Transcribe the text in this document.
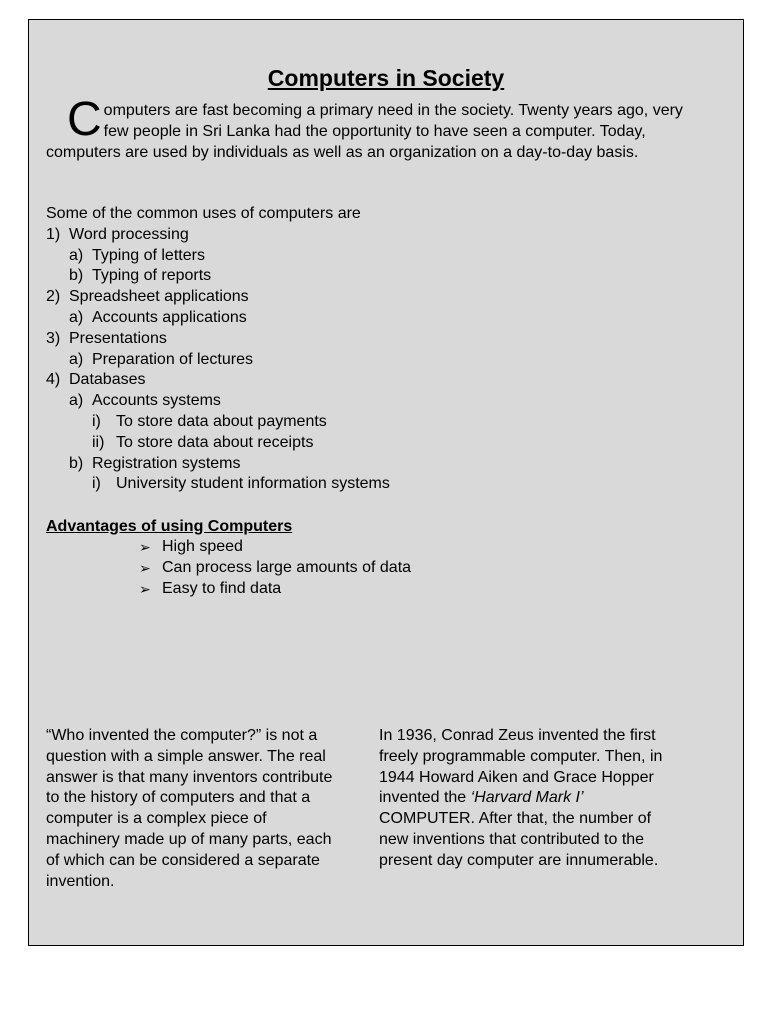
Computers in Society

Computers are fast becoming a primary need in the society. Twenty years ago, very few people in Sri Lanka had the opportunity to have seen a computer. Today, computers are used by individuals as well as an organization on a day-to-day basis.

Some of the common uses of computers are

1) Word processing
a) Typing of letters
b) Typing of reports
2) Spreadsheet applications
a) Accounts applications
3) Presentations
a) Preparation of lectures
4) Databases
a) Accounts systems
i) To store data about payments
ii) To store data about receipts
b) Registration systems
i) University student information systems
Advantages of using Computers
➢ High speed
➢ Can process large amounts of data
➢ Easy to find data

“Who invented the computer?” is not a question with a simple answer. The real answer is that many inventors contribute to the history of computers and that a computer is a complex piece of machinery made up of many parts, each of which can be considered a separate invention.

In 1936, Conrad Zeus invented the first freely programmable computer. Then, in 1944 Howard Aiken and Grace Hopper invented the ‘Harvard Mark I’ COMPUTER. After that, the number of new inventions that contributed to the present day computer are innumerable.
